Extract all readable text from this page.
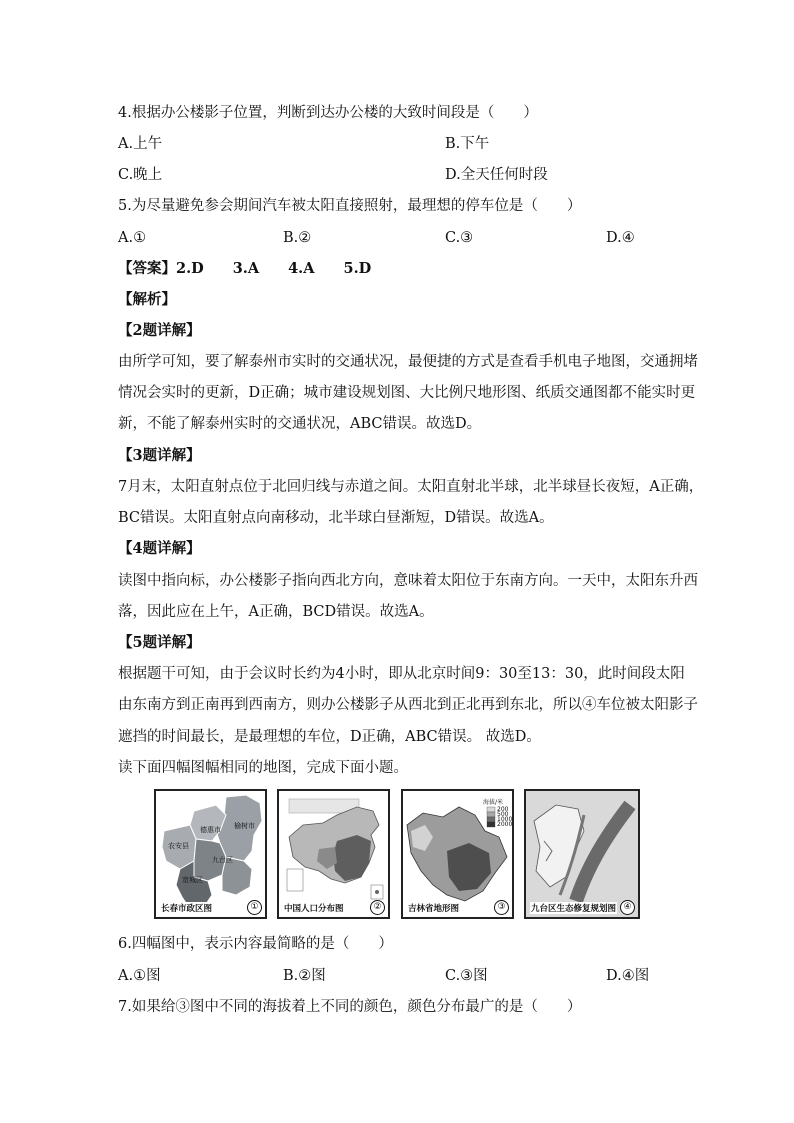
4.根据办公楼影子位置，判断到达办公楼的大致时间段是（　　）
A.上午	B.下午
C.晚上	D.全天任何时段
5.为尽量避免参会期间汽车被太阳直接照射，最理想的停车位是（　　）
A.①	B.②	C.③	D.④
【答案】2.D　　3.A　　4.A　　5.D
【解析】
【2题详解】
由所学可知，要了解泰州市实时的交通状况，最便捷的方式是查看手机电子地图，交通拥堵
情况会实时的更新，D正确；城市建设规划图、大比例尺地形图、纸质交通图都不能实时更
新，不能了解泰州实时的交通状况，ABC错误。故选D。
【3题详解】
7月末，太阳直射点位于北回归线与赤道之间。太阳直射北半球，北半球昼长夜短，A正确，
BC错误。太阳直射点向南移动，北半球白昼渐短，D错误。故选A。
【4题详解】
读图中指向标，办公楼影子指向西北方向，意味着太阳位于东南方向。一天中，太阳东升西
落，因此应在上午，A正确，BCD错误。故选A。
【5题详解】
根据题干可知，由于会议时长约为4小时，即从北京时间9：30至13：30，此时间段太阳
由东南方到正南再到西南方，则办公楼影子从西北到正北再到东北，所以④车位被太阳影子
遮挡的时间最长，是最理想的车位，D正确，ABC错误。 故选D。
读下面四幅图幅相同的地图，完成下面小题。
榆树市
德惠市
农安县
九台区
宽城区
长春市政区图	①	中国人口分布图	②
海拔/米
200
500
1000
2000
吉林省地形图	③	九台区生态修复规划图 ④
6.四幅图中，表示内容最简略的是（　　）
A.①图	B.②图	C.③图	D.④图
7.如果给③图中不同的海拔着上不同的颜色，颜色分布最广的是（　　）
